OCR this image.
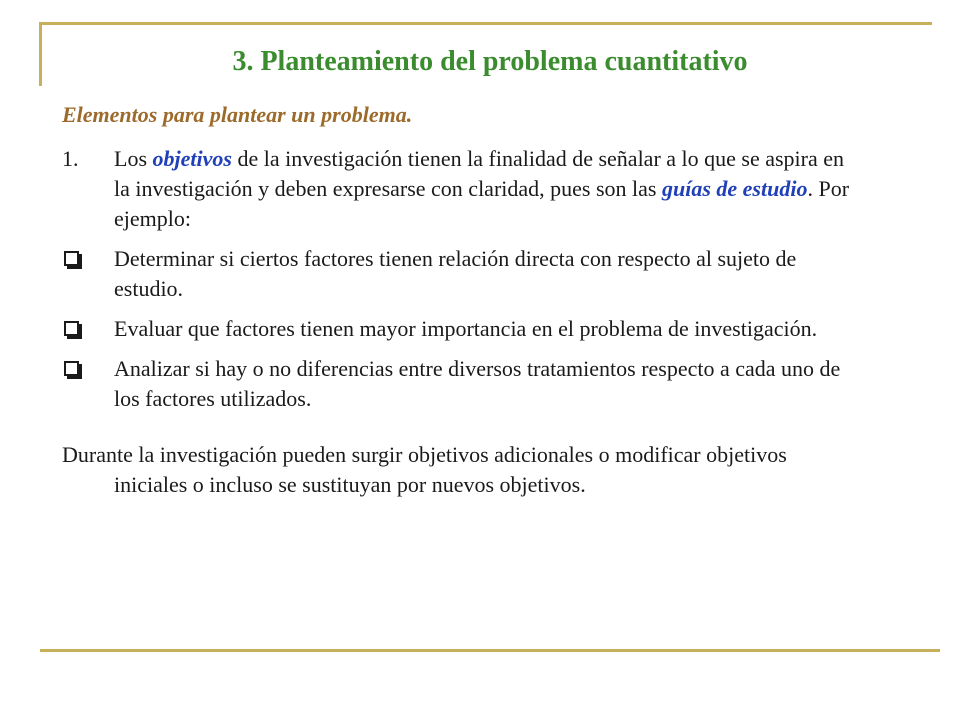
3. Planteamiento del problema cuantitativo

Elementos para plantear un problema.

1.	Los objetivos de la investigación tienen la finalidad de señalar a lo que se aspira en la investigación y deben expresarse con claridad, pues son las guías de estudio. Por ejemplo:
Determinar si ciertos factores tienen relación directa con respecto al sujeto de estudio.
Evaluar que factores tienen mayor importancia en el problema de investigación.
Analizar si hay o no diferencias entre diversos tratamientos respecto a cada uno de los factores utilizados.

Durante la investigación pueden surgir objetivos adicionales o modificar objetivos iniciales o incluso se sustituyan por nuevos objetivos.
